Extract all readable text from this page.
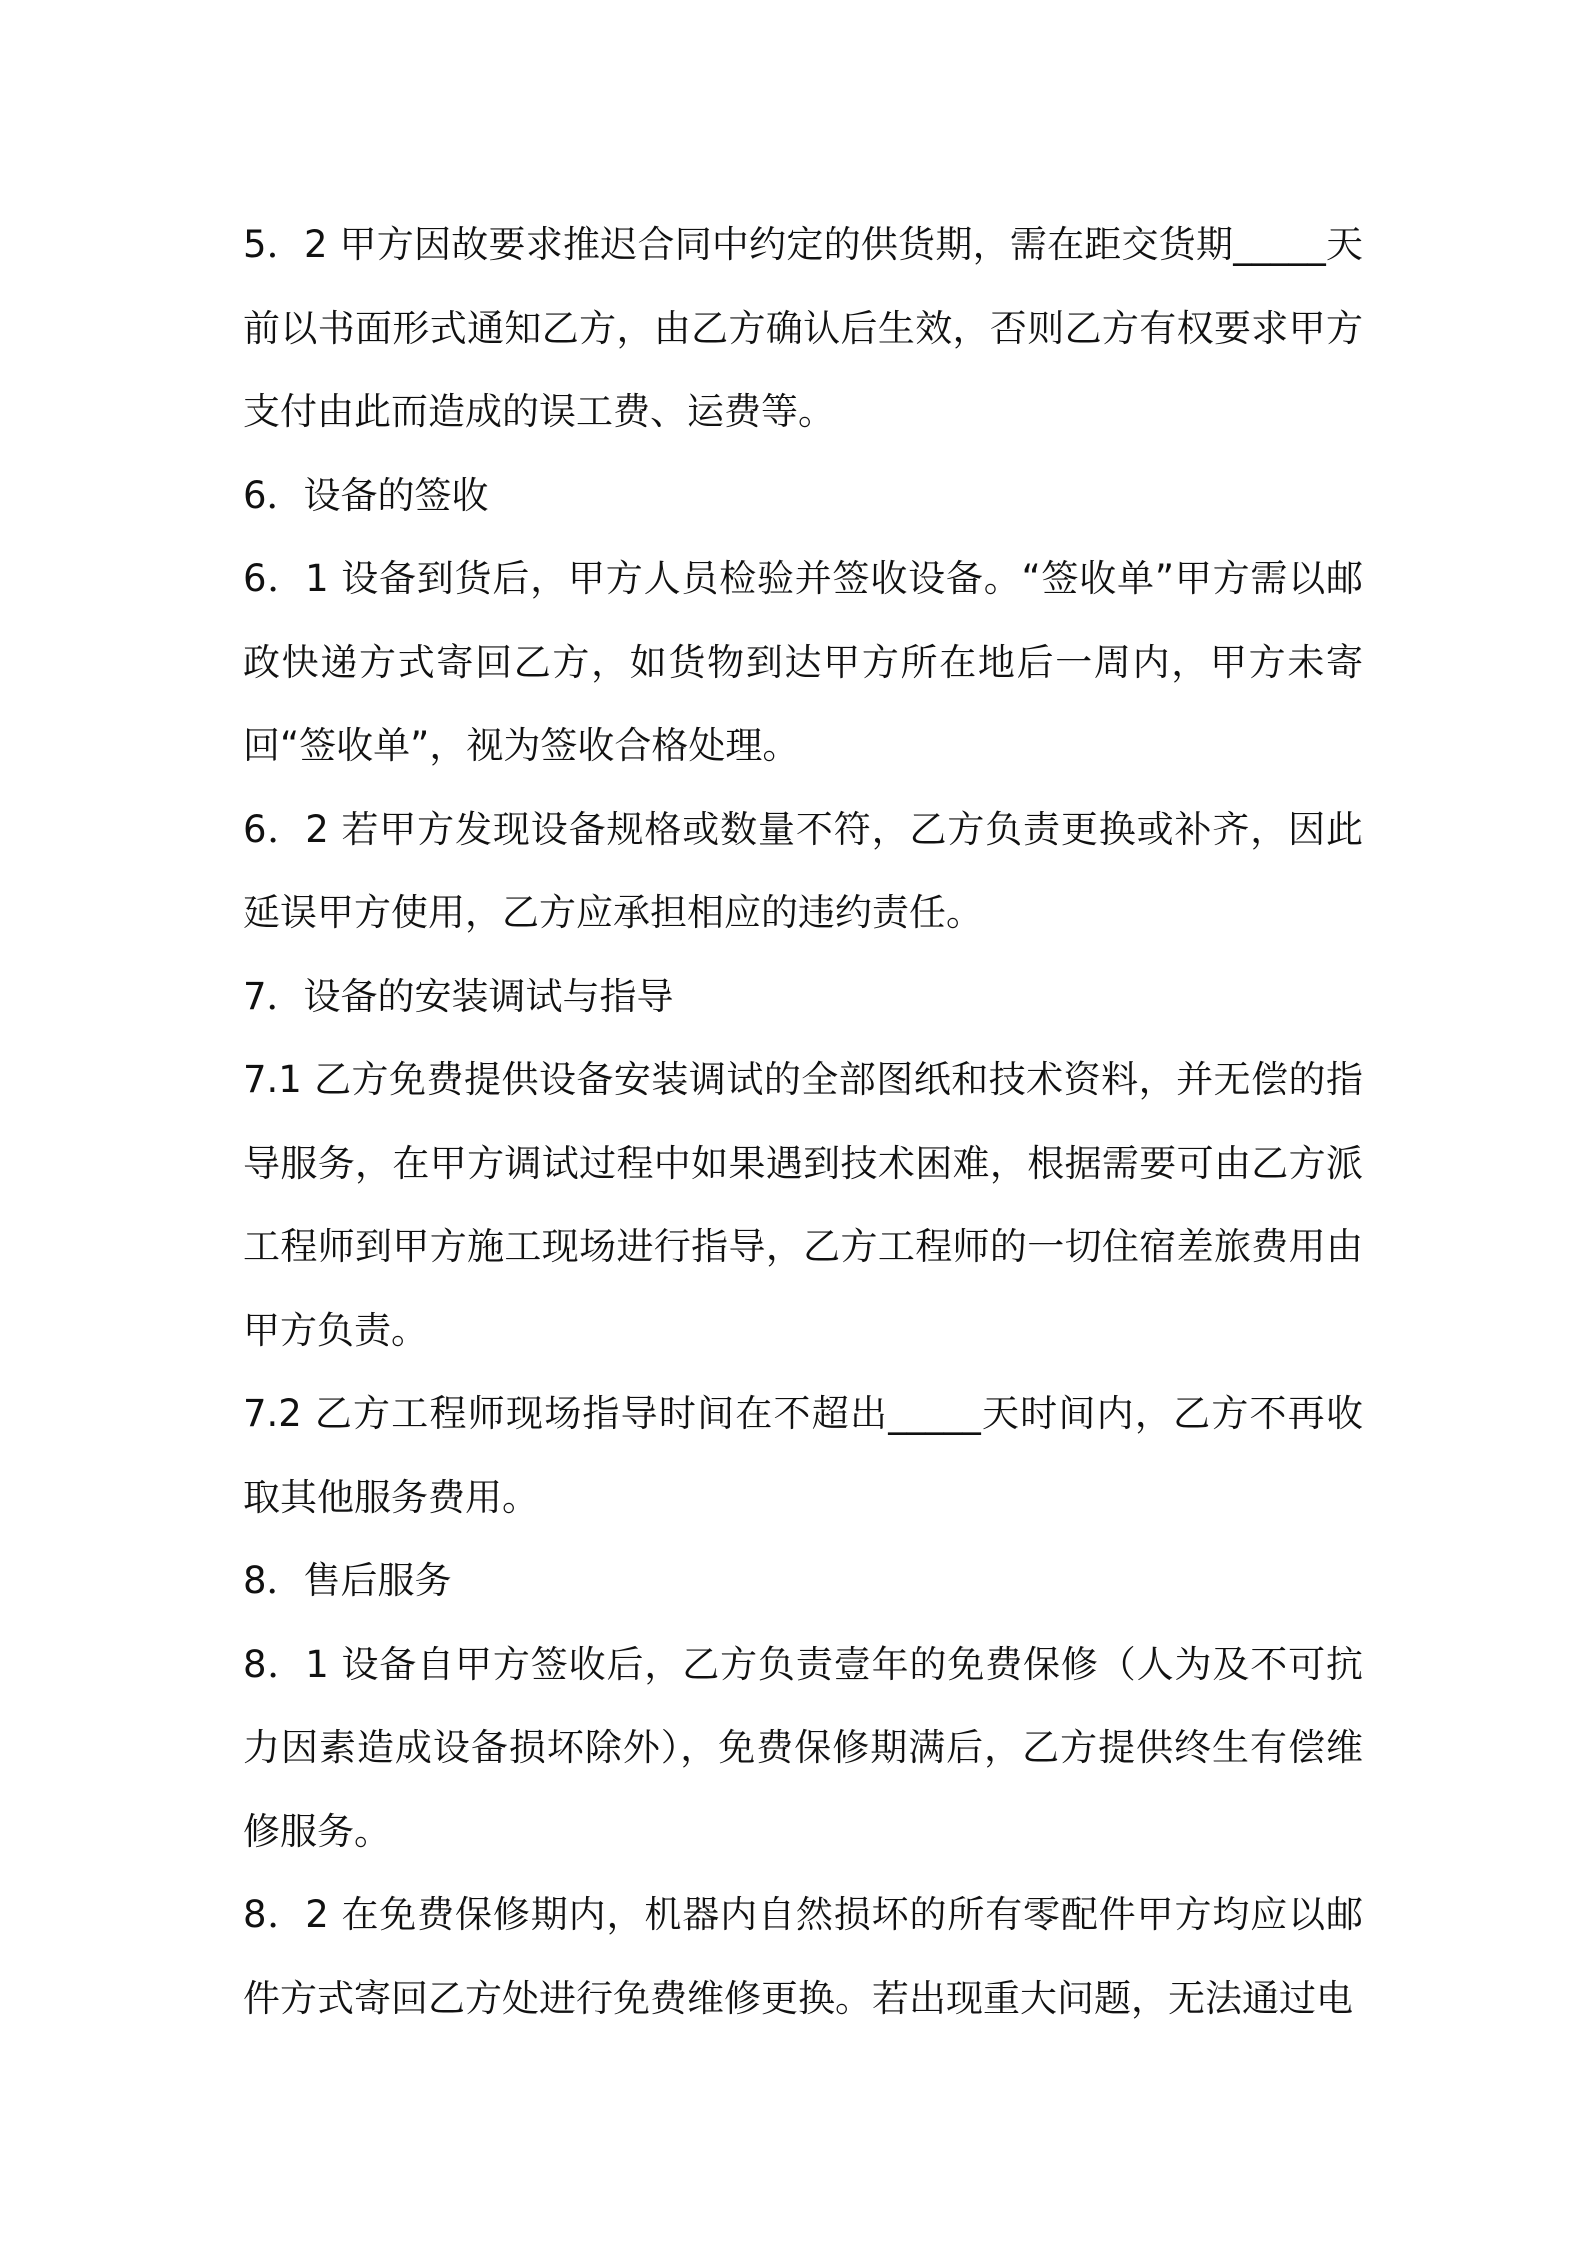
5．2 甲方因故要求推迟合同中约定的供货期，需在距交货期_____天前以书面形式通知乙方，由乙方确认后生效，否则乙方有权要求甲方支付由此而造成的误工费、运费等。

6．设备的签收

6．1 设备到货后，甲方人员检验并签收设备。“签收单”甲方需以邮政快递方式寄回乙方，如货物到达甲方所在地后一周内，甲方未寄回“签收单”，视为签收合格处理。

6．2 若甲方发现设备规格或数量不符，乙方负责更换或补齐，因此延误甲方使用，乙方应承担相应的违约责任。

7．设备的安装调试与指导

7.1 乙方免费提供设备安装调试的全部图纸和技术资料，并无偿的指导服务，在甲方调试过程中如果遇到技术困难，根据需要可由乙方派工程师到甲方施工现场进行指导，乙方工程师的一切住宿差旅费用由甲方负责。

7.2 乙方工程师现场指导时间在不超出_____天时间内，乙方不再收取其他服务费用。

8．售后服务

8．1 设备自甲方签收后，乙方负责壹年的免费保修（人为及不可抗力因素造成设备损坏除外），免费保修期满后，乙方提供终生有偿维修服务。

8．2 在免费保修期内，机器内自然损坏的所有零配件甲方均应以邮件方式寄回乙方处进行免费维修更换。若出现重大问题，无法通过电
